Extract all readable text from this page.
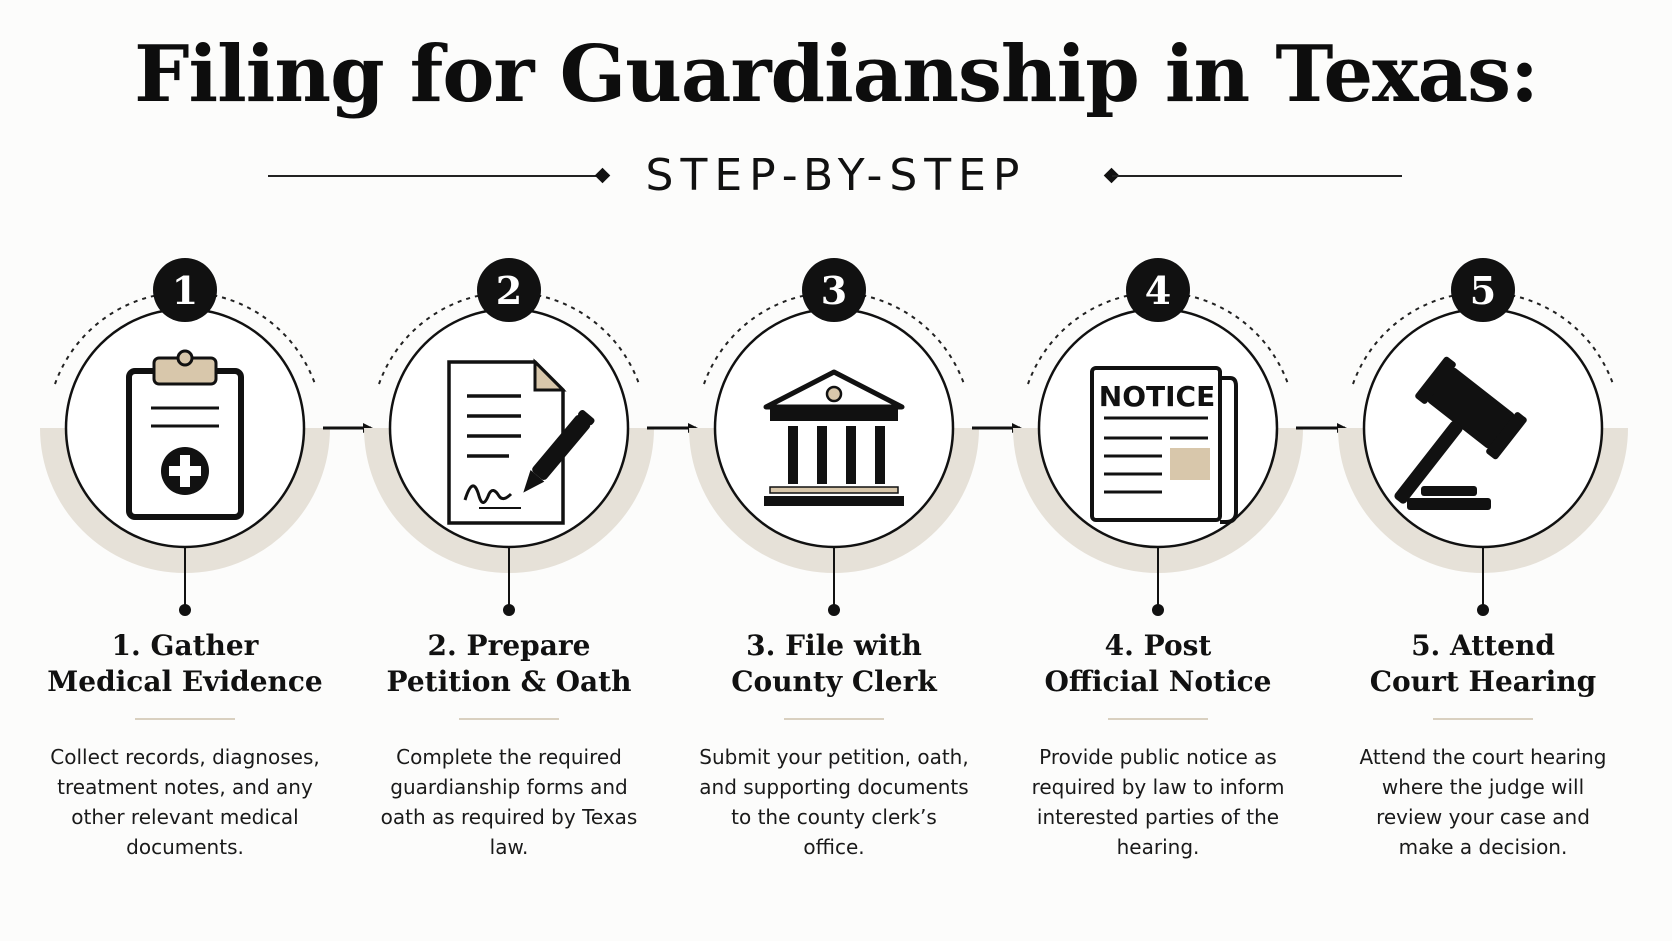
Filing for Guardianship in Texas:
STEP-BY-STEP
1	2	3	4
NOTICE
5
1. Gather
Medical Evidence

Collect records, diagnoses, treatment notes, and any other relevant medical documents.

2. Prepare
Petition & Oath

Complete the required guardianship forms and oath as required by Texas law.

3. File with
County Clerk

Submit your petition, oath, and supporting documents to the county clerk’s office.

4. Post
Official Notice

Provide public notice as required by law to inform interested parties of the hearing.

5. Attend
Court Hearing

Attend the court hearing where the judge will review your case and make a decision.
